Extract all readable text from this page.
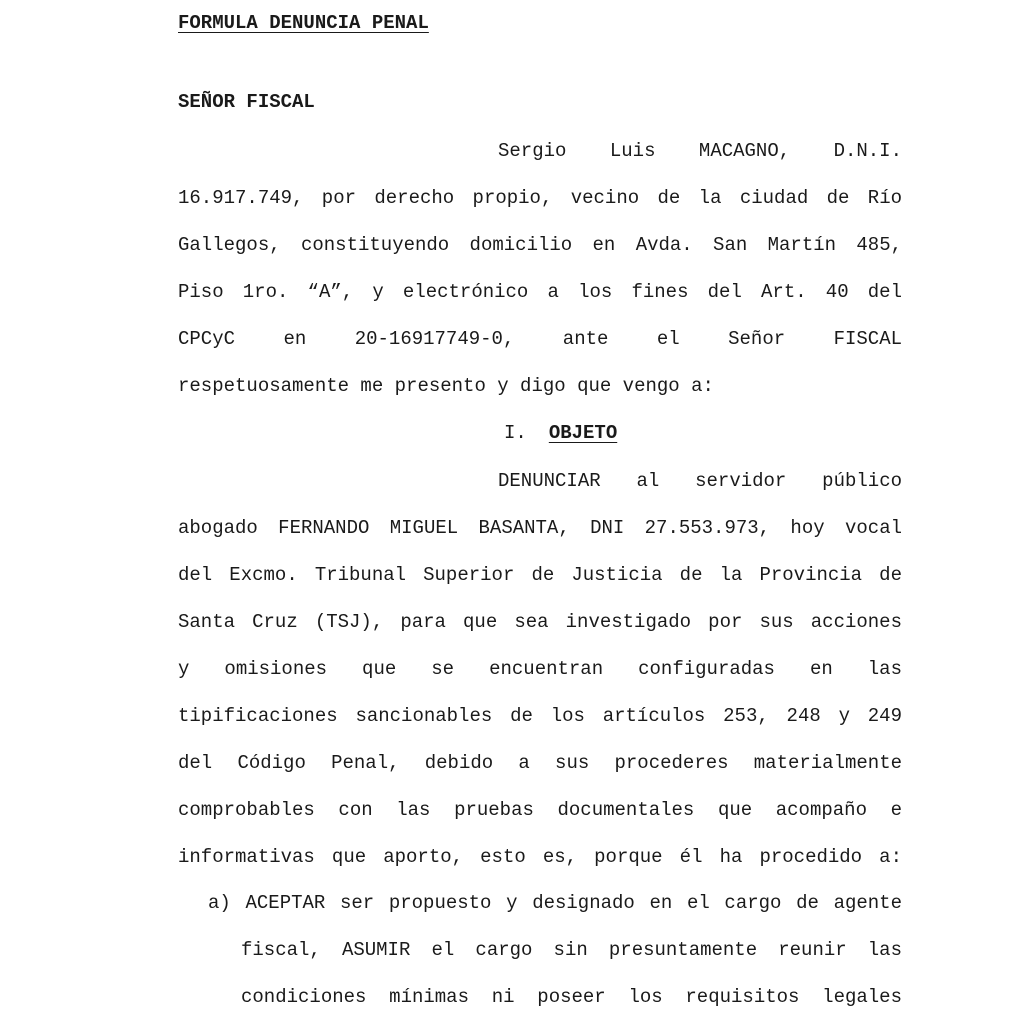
FORMULA DENUNCIA PENAL
SEÑOR FISCAL
Sergio Luis MACAGNO, D.N.I.
16.917.749, por derecho propio, vecino de la ciudad de Río
Gallegos, constituyendo domicilio en Avda. San Martín 485,
Piso 1ro. “A”, y electrónico a los fines del Art. 40 del
CPCyC en 20-16917749-0, ante el Señor FISCAL
respetuosamente me presento y digo que vengo a:
I. OBJETO
DENUNCIAR al servidor público
abogado FERNANDO MIGUEL BASANTA, DNI 27.553.973, hoy vocal
del Excmo. Tribunal Superior de Justicia de la Provincia de
Santa Cruz (TSJ), para que sea investigado por sus acciones
y omisiones que se encuentran configuradas en las
tipificaciones sancionables de los artículos 253, 248 y 249
del Código Penal, debido a sus procederes materialmente
comprobables con las pruebas documentales que acompaño e
informativas que aporto, esto es, porque él ha procedido a:
a) ACEPTAR ser propuesto y designado en el cargo de agente
fiscal, ASUMIR el cargo sin presuntamente reunir las
condiciones mínimas ni poseer los requisitos legales
